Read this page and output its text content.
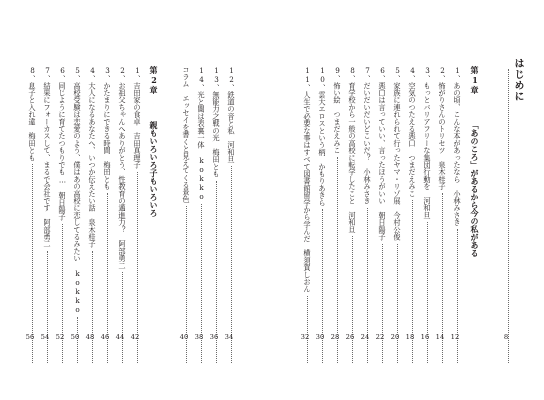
はじめに
8
第1章 「あのころ」があるから今の私がある
1、
あの頃、こんな本があったなら　小林みさき
12
2、
怖がりさんのトリセツ　泉木桂子
14
3、
もっとバリアフリーな集団行動を　河和旦
16
4、
空気のつたえる悪口　つまだえみこ
18
5、
家族に連れられて行ったヤマ・リゾ展　今村公俊
20
6、
悪口は言っていい、言ったほうがいい　朝日陽子
22
7、
だいだいだいどこいだ？　小林みさき
24
8、
育学校から一般の高校に転学したこと　河和旦
26
9、
怖い絵　つまだえみこ
28
10、
雲大エロスという柄　かもりあきら
30
11、
人生で必要な事はすべて図書館留学から学んだ　横須賀しおん
32
12、
鉄道の音と私　河和旦
34
13、
無能力之戦の光　梅田とも
36
14、
光と闇は表裏一体　kokko
38
コラム　エッセイを書くと見えてくる景色
40
第2章 親もいろいろ子もいろいろ
1、
吉田家の食卓　吉田真理子
42
2、
お祖父ちゃんへありがとう、性教育の邁進力？　阿部勇二
44
3、
かたまりにできる時間　梅田とも
46
4、
大人になるあなたへ、いつか伝えたい話　泉木桂子
48
5、
高校受験は恋愛のよう、僕はあの高校に恋してるみたい　kokko
50
6、
同じように育てたつもりでも…　朝日陽子
52
7、
結果にフォーカスして、まるで会社です　阿部勇二
54
8、
息子と入れ違　梅田とも
56
